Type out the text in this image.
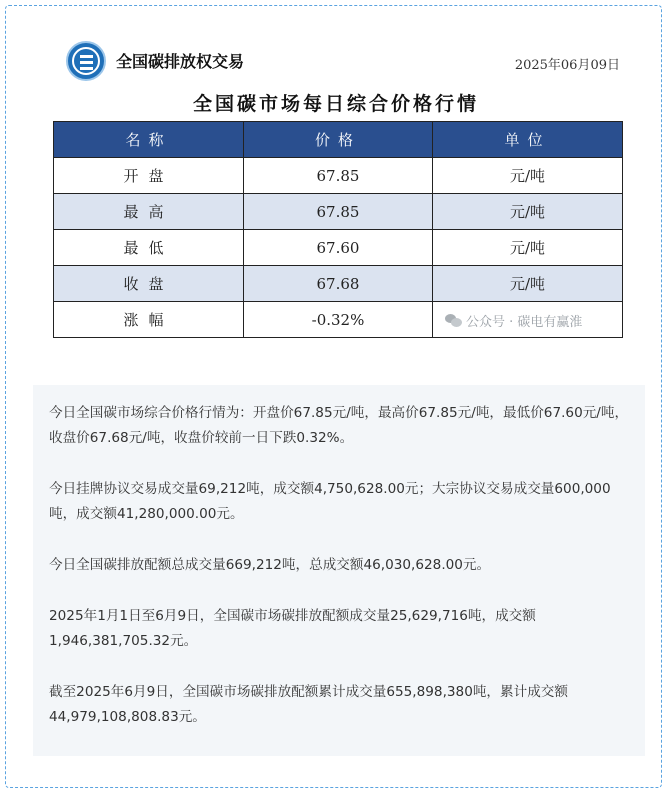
全国碳排放权交易	2025年06月09日
全国碳市场每日综合价格行情
名称	价格	单位
开盘	67.85	元/吨
最高	67.85	元/吨
最低	67.60	元/吨
收盘	67.68	元/吨
涨幅	-0.32%	公众号 · 碳电有赢淮

今日全国碳市场综合价格行情为：开盘价67.85元/吨，最高价67.85元/吨，最低价67.60元/吨，收盘价67.68元/吨，收盘价较前一日下跌0.32%。

今日挂牌协议交易成交量69,212吨，成交额4,750,628.00元；大宗协议交易成交量600,000吨，成交额41,280,000.00元。

今日全国碳排放配额总成交量669,212吨，总成交额46,030,628.00元。

2025年1月1日至6月9日，全国碳市场碳排放配额成交量25,629,716吨，成交额1,946,381,705.32元。

截至2025年6月9日，全国碳市场碳排放配额累计成交量655,898,380吨，累计成交额44,979,108,808.83元。
